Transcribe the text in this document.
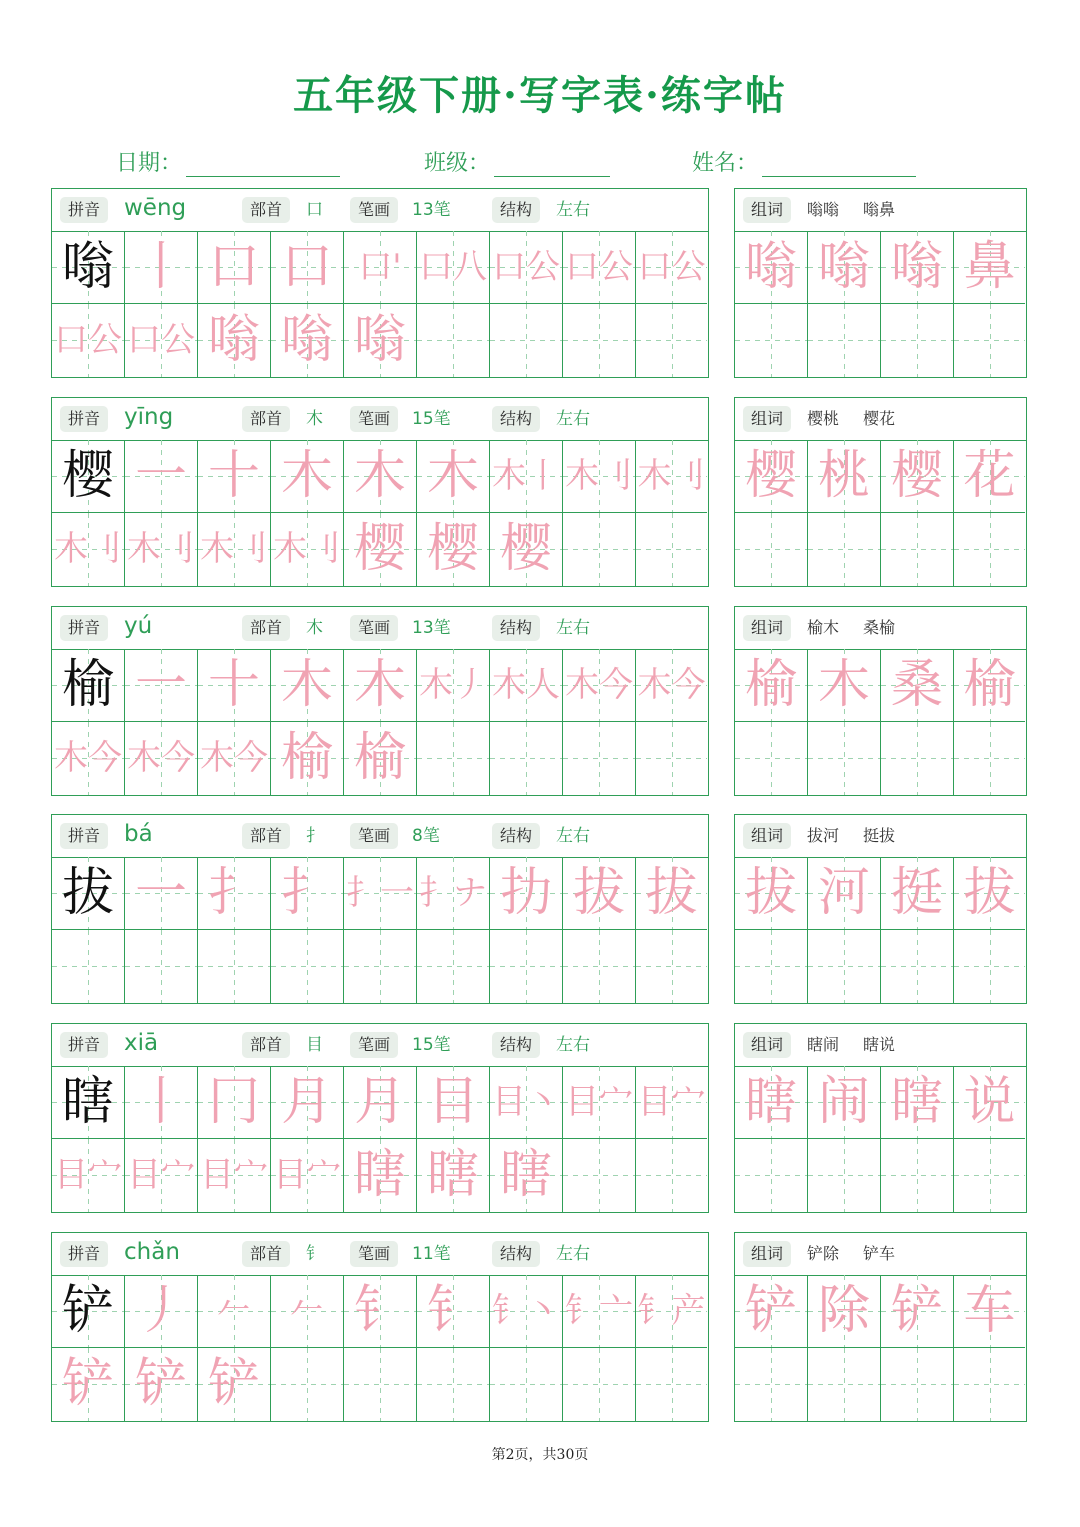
五年级下册·写字表·练字帖
日期：	班级：	姓名：
拼音	wēng	部首	口	笔画	13笔	结构	左右
嗡 丨 口 口 口' 口八 口公 口公 口公
口公 口公 嗡 嗡 嗡
组词	嗡嗡 嗡鼻
嗡 嗡 嗡 鼻
拼音	yīng	部首	木	笔画	15笔	结构	左右
樱 一 十 木 木 木 木丨 木刂 木刂
木刂 木刂 木刂 木刂 樱 樱 樱
组词	樱桃 樱花
樱 桃 樱 花
拼音	yú	部首	木	笔画	13笔	结构	左右
榆 一 十 木 木 木丿 木人 木今 木今
木今 木今 木今 榆 榆
组词	榆木 桑榆
榆 木 桑 榆
拼音	bá	部首	扌	笔画	8笔	结构	左右
拔 一 扌 扌 扌一 扌ナ 扐 拔 拔
组词	拔河 挺拔
拔 河 挺 拔
拼音	xiā	部首	目	笔画	15笔	结构	左右
瞎 丨 冂 月 月 目 目丶 目宀 目宀
目宀 目宀 目宀 目宀 瞎 瞎 瞎
组词	瞎闹 瞎说
瞎 闹 瞎 说
拼音	chǎn	部首	钅	笔画	11笔	结构	左右
铲 丿 𠂉	𠂉 钅 钅 钅丶 钅亠 钅产
铲 铲 铲
组词	铲除 铲车
铲 除 铲 车
第2页，共30页
